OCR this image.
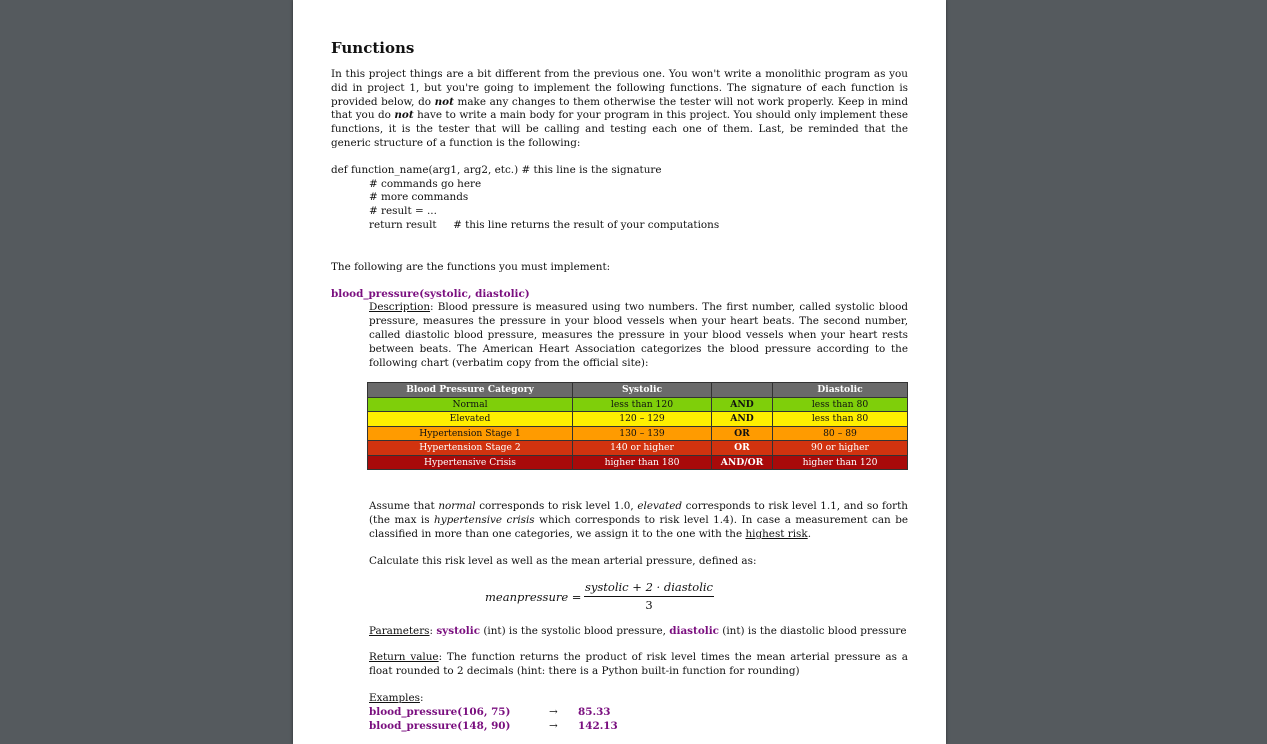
Functions

In this project things are a bit different from the previous one. You won't write a monolithic program as you did in project 1, but you're going to implement the following functions. The signature of each function is provided below, do not make any changes to them otherwise the tester will not work properly. Keep in mind that you do not have to write a main body for your program in this project. You should only implement these functions, it is the tester that will be calling and testing each one of them. Last, be reminded that the generic structure of a function is the following:

def function_name(arg1, arg2, etc.) # this line is the signature
# commands go here
# more commands
# result = ...
return result     # this line returns the result of your computations

The following are the functions you must implement:

blood_pressure(systolic, diastolic)

Description: Blood pressure is measured using two numbers. The first number, called systolic blood pressure, measures the pressure in your blood vessels when your heart beats. The second number, called diastolic blood pressure, measures the pressure in your blood vessels when your heart rests between beats. The American Heart Association categorizes the blood pressure according to the following chart (verbatim copy from the official site):

Blood Pressure Category	Systolic		Diastolic
Normal	less than 120	AND	less than 80
Elevated	120 – 129	AND	less than 80
Hypertension Stage 1	130 – 139	OR	80 – 89
Hypertension Stage 2	140 or higher	OR	90 or higher
Hypertensive Crisis	higher than 180	AND/OR	higher than 120

Assume that normal corresponds to risk level 1.0, elevated corresponds to risk level 1.1, and so forth (the max is hypertensive crisis which corresponds to risk level 1.4). In case a measurement can be classified in more than one categories, we assign it to the one with the highest risk.

Calculate this risk level as well as the mean arterial pressure, defined as:

meanpressure =
systolic + 2 · diastolic
3

Parameters: systolic (int) is the systolic blood pressure, diastolic (int) is the diastolic blood pressure

Return value: The function returns the product of risk level times the mean arterial pressure as a float rounded to 2 decimals (hint: there is a Python built-in function for rounding)

Examples:
blood_pressure(106, 75)	→ 85.33
blood_pressure(148, 90)	→ 142.13
